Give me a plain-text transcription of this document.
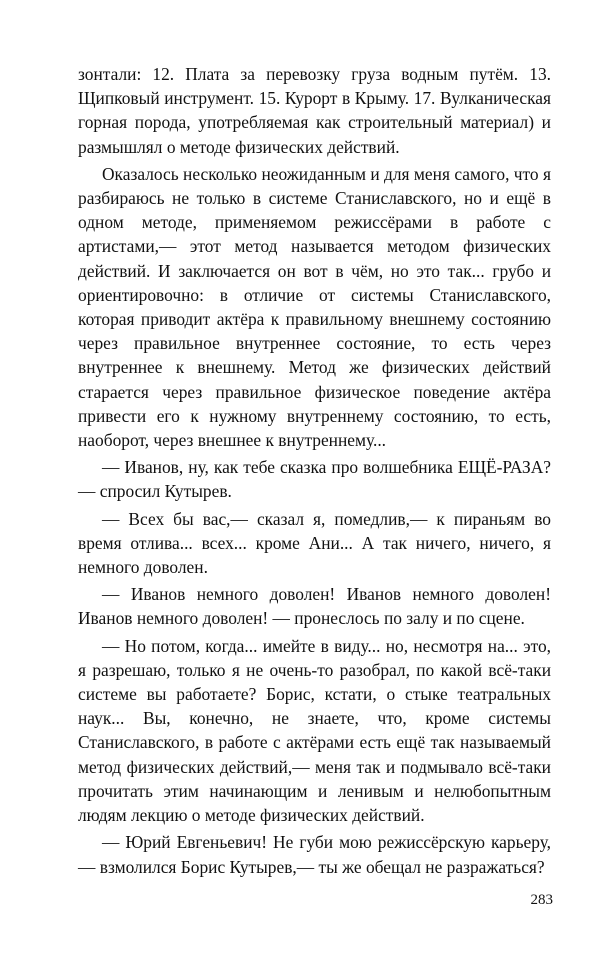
зонтали: 12. Плата за перевозку груза водным путём. 13. Щипковый инструмент. 15. Курорт в Крыму. 17. Вулканическая горная порода, употребляемая как строительный материал) и размышлял о методе физических действий.

Оказалось несколько неожиданным и для меня самого, что я разбираюсь не только в системе Станиславского, но и ещё в одном методе, применяемом режиссёрами в работе с артистами,— этот метод называется методом физических действий. И заключается он вот в чём, но это так... грубо и ориентировочно: в отличие от системы Станиславского, которая приводит актёра к правильному внешнему состоянию через правильное внутреннее состояние, то есть через внутреннее к внешнему. Метод же физических действий старается через правильное физическое поведение актёра привести его к нужному внутреннему состоянию, то есть, наоборот, через внешнее к внутреннему...

— Иванов, ну, как тебе сказка про волшебника ЕЩЁ-РАЗА? — спросил Кутырев.

— Всех бы вас,— сказал я, помедлив,— к пираньям во время отлива... всех... кроме Ани... А так ничего, ничего, я немного доволен.

— Иванов немного доволен! Иванов немного доволен! Иванов немного доволен! — пронеслось по залу и по сцене.

— Но потом, когда... имейте в виду... но, несмотря на... это, я разрешаю, только я не очень-то разобрал, по какой всё-таки системе вы работаете? Борис, кстати, о стыке театральных наук... Вы, конечно, не знаете, что, кроме системы Станиславского, в работе с актёрами есть ещё так называемый метод физических действий,— меня так и подмывало всё-таки прочитать этим начинающим и ленивым и нелюбопытным людям лекцию о методе физических действий.

— Юрий Евгеньевич! Не губи мою режиссёрскую карьеру,— взмолился Борис Кутырев,— ты же обещал не разражаться?

283
